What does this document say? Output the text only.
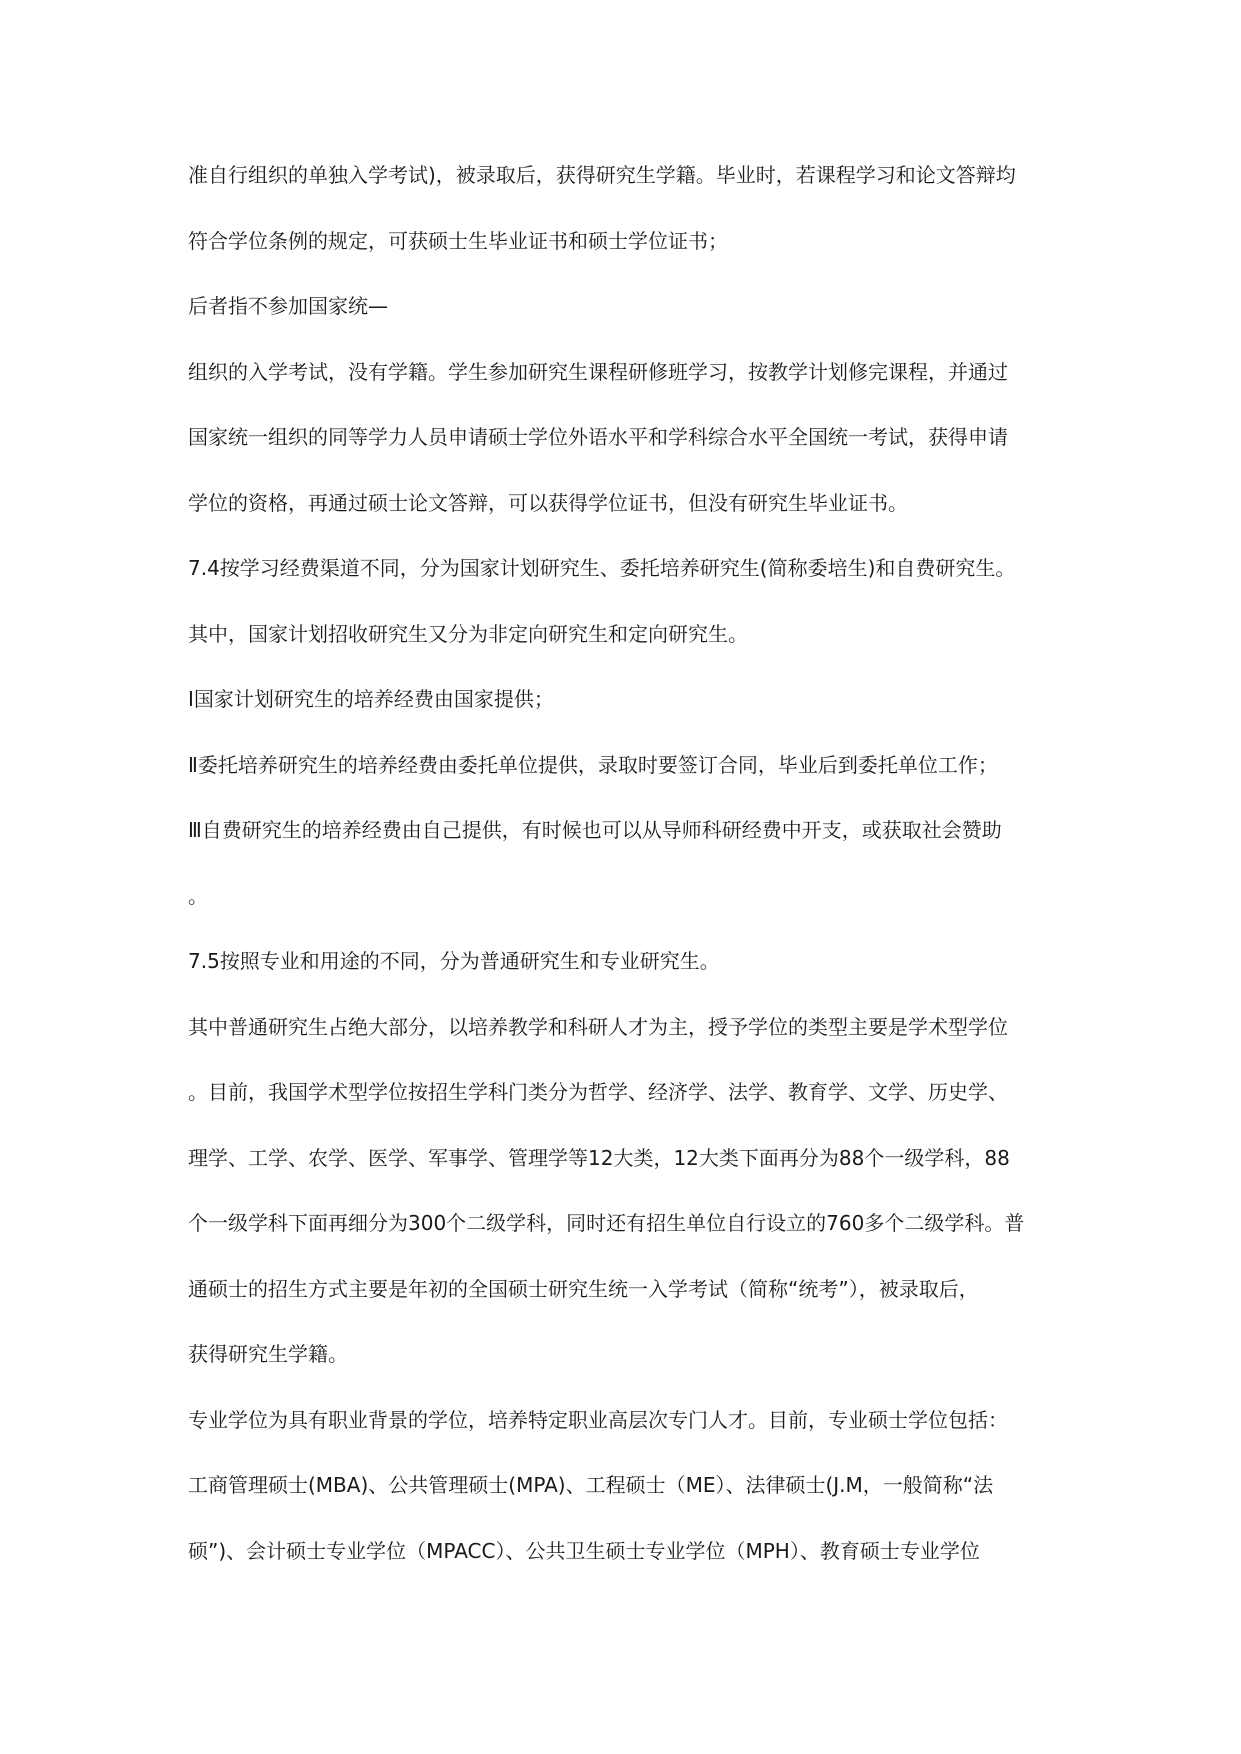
准自行组织的单独入学考试)，被录取后，获得研究生学籍。毕业时，若课程学习和论文答辩均
符合学位条例的规定，可获硕士生毕业证书和硕士学位证书；
后者指不参加国家统—
组织的入学考试，没有学籍。学生参加研究生课程研修班学习，按教学计划修完课程，并通过
国家统一组织的同等学力人员申请硕士学位外语水平和学科综合水平全国统一考试，获得申请
学位的资格，再通过硕士论文答辩，可以获得学位证书，但没有研究生毕业证书。
7.4按学习经费渠道不同，分为国家计划研究生、委托培养研究生(简称委培生)和自费研究生。
其中，国家计划招收研究生又分为非定向研究生和定向研究生。
Ⅰ国家计划研究生的培养经费由国家提供；
Ⅱ委托培养研究生的培养经费由委托单位提供，录取时要签订合同，毕业后到委托单位工作；
Ⅲ自费研究生的培养经费由自己提供，有时候也可以从导师科研经费中开支，或获取社会赞助
。
7.5按照专业和用途的不同，分为普通研究生和专业研究生。
其中普通研究生占绝大部分，以培养教学和科研人才为主，授予学位的类型主要是学术型学位
。目前，我国学术型学位按招生学科门类分为哲学、经济学、法学、教育学、文学、历史学、
理学、工学、农学、医学、军事学、管理学等12大类，12大类下面再分为88个一级学科，88
个一级学科下面再细分为300个二级学科，同时还有招生单位自行设立的760多个二级学科。普
通硕士的招生方式主要是年初的全国硕士研究生统一入学考试（简称“统考”），被录取后，
获得研究生学籍。
专业学位为具有职业背景的学位，培养特定职业高层次专门人才。目前，专业硕士学位包括：
工商管理硕士(MBA)、公共管理硕士(MPA)、工程硕士（ME）、法律硕士(J.M，一般简称“法
硕”)、会计硕士专业学位（MPACC）、公共卫生硕士专业学位（MPH）、教育硕士专业学位
